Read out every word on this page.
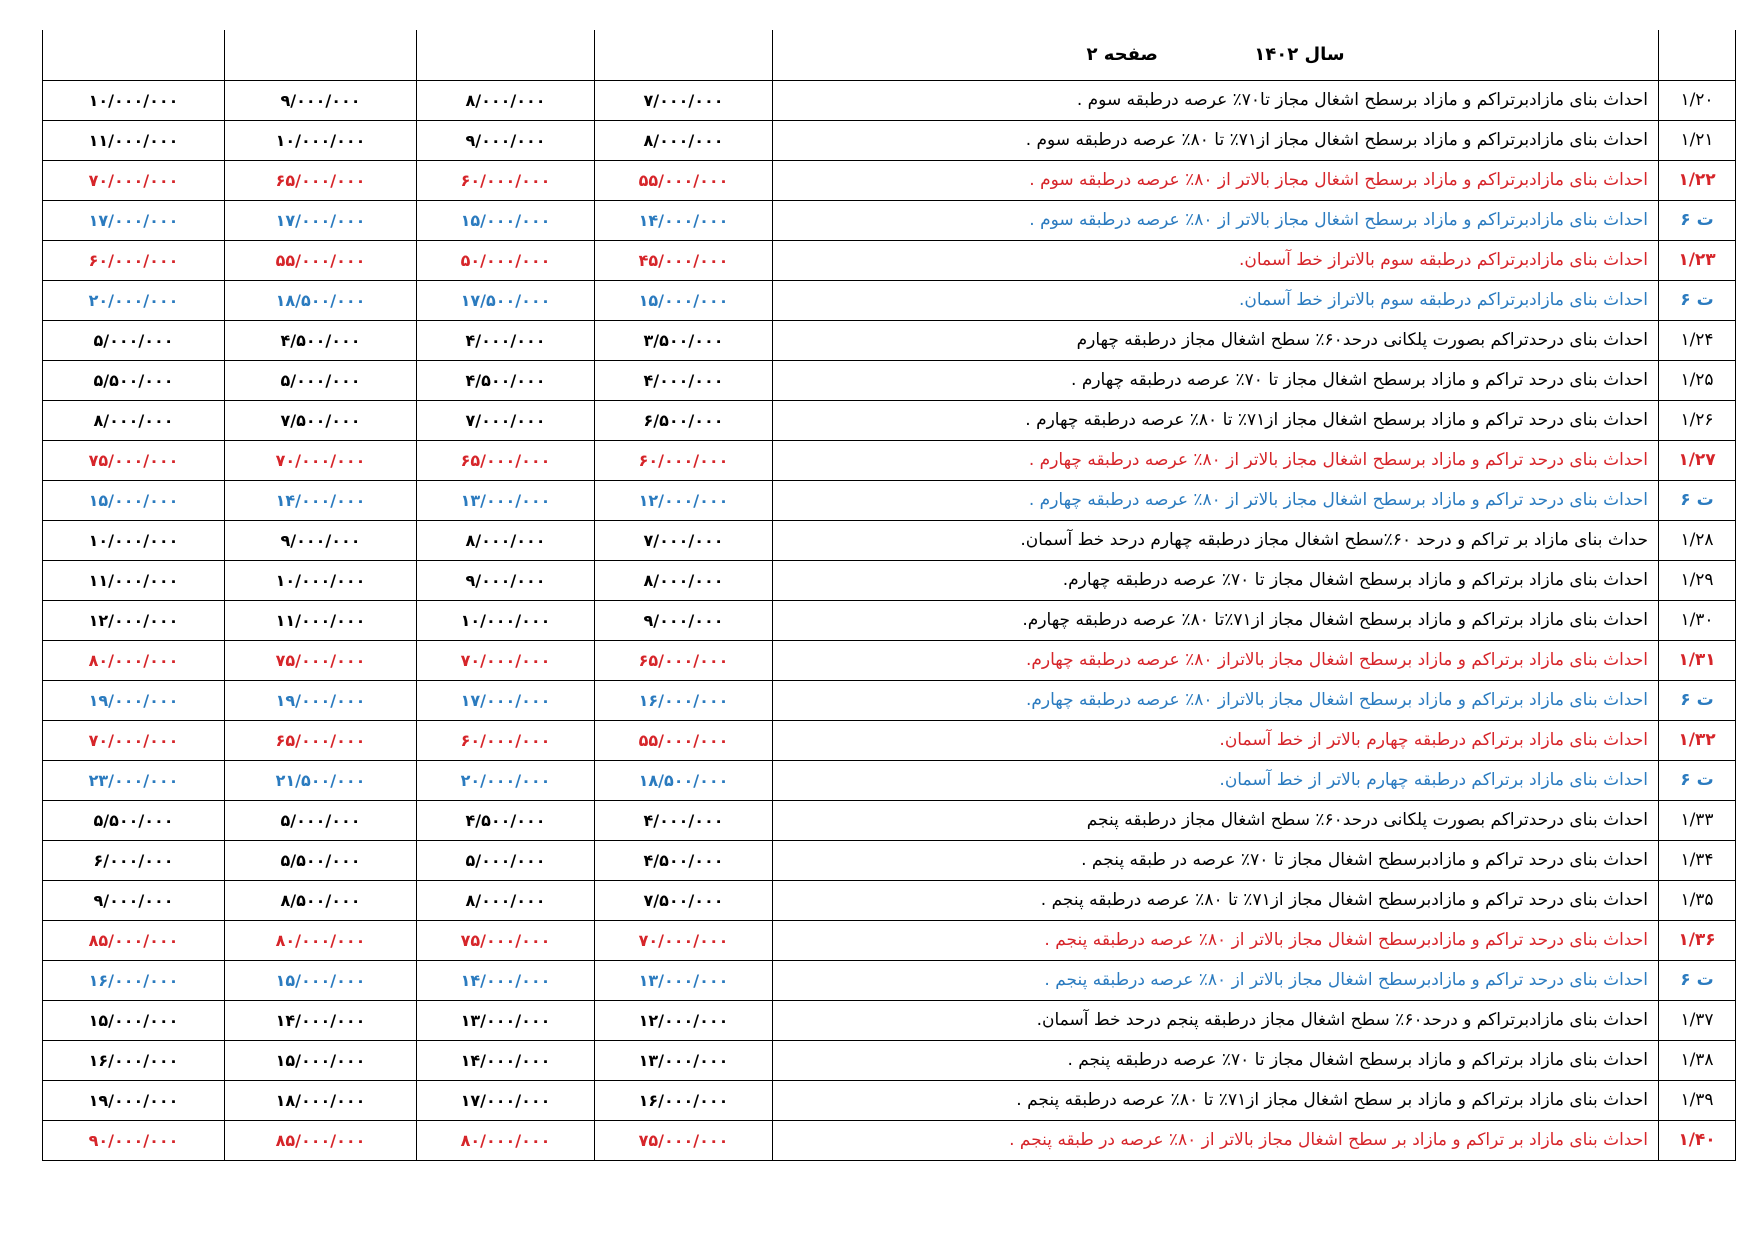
				سال ۱۴۰۲ صفحه ۲	
۱۰/۰۰۰/۰۰۰	۹/۰۰۰/۰۰۰	۸/۰۰۰/۰۰۰	۷/۰۰۰/۰۰۰	احداث بنای مازادبرتراکم و مازاد برسطح اشغال مجاز تا۷۰٪ عرصه درطبقه سوم .	۱/۲۰
۱۱/۰۰۰/۰۰۰	۱۰/۰۰۰/۰۰۰	۹/۰۰۰/۰۰۰	۸/۰۰۰/۰۰۰	احداث بنای مازادبرتراکم و مازاد برسطح اشغال مجاز از۷۱٪ تا ۸۰٪ عرصه درطبقه سوم .	۱/۲۱
۷۰/۰۰۰/۰۰۰	۶۵/۰۰۰/۰۰۰	۶۰/۰۰۰/۰۰۰	۵۵/۰۰۰/۰۰۰	احداث بنای مازادبرتراکم و مازاد برسطح اشغال مجاز بالاتر از ۸۰٪ عرصه درطبقه سوم .	۱/۲۲
۱۷/۰۰۰/۰۰۰	۱۷/۰۰۰/۰۰۰	۱۵/۰۰۰/۰۰۰	۱۴/۰۰۰/۰۰۰	احداث بنای مازادبرتراکم و مازاد برسطح اشغال مجاز بالاتر از ۸۰٪ عرصه درطبقه سوم .	ت ۶
۶۰/۰۰۰/۰۰۰	۵۵/۰۰۰/۰۰۰	۵۰/۰۰۰/۰۰۰	۴۵/۰۰۰/۰۰۰	احداث بنای مازادبرتراکم درطبقه سوم بالاتراز خط آسمان.	۱/۲۳
۲۰/۰۰۰/۰۰۰	۱۸/۵۰۰/۰۰۰	۱۷/۵۰۰/۰۰۰	۱۵/۰۰۰/۰۰۰	احداث بنای مازادبرتراکم درطبقه سوم بالاتراز خط آسمان.	ت ۶
۵/۰۰۰/۰۰۰	۴/۵۰۰/۰۰۰	۴/۰۰۰/۰۰۰	۳/۵۰۰/۰۰۰	احداث بنای درحدتراکم بصورت پلکانی درحد۶۰٪ سطح اشغال مجاز درطبقه چهارم	۱/۲۴
۵/۵۰۰/۰۰۰	۵/۰۰۰/۰۰۰	۴/۵۰۰/۰۰۰	۴/۰۰۰/۰۰۰	احداث بنای درحد تراکم و مازاد برسطح اشغال مجاز تا ۷۰٪ عرصه درطبقه چهارم .	۱/۲۵
۸/۰۰۰/۰۰۰	۷/۵۰۰/۰۰۰	۷/۰۰۰/۰۰۰	۶/۵۰۰/۰۰۰	احداث بنای درحد تراکم و مازاد برسطح اشغال مجاز از۷۱٪ تا ۸۰٪ عرصه درطبقه چهارم .	۱/۲۶
۷۵/۰۰۰/۰۰۰	۷۰/۰۰۰/۰۰۰	۶۵/۰۰۰/۰۰۰	۶۰/۰۰۰/۰۰۰	احداث بنای درحد تراکم و مازاد برسطح اشغال مجاز بالاتر از ۸۰٪ عرصه درطبقه چهارم .	۱/۲۷
۱۵/۰۰۰/۰۰۰	۱۴/۰۰۰/۰۰۰	۱۳/۰۰۰/۰۰۰	۱۲/۰۰۰/۰۰۰	احداث بنای درحد تراکم و مازاد برسطح اشغال مجاز بالاتر از ۸۰٪ عرصه درطبقه چهارم .	ت ۶
۱۰/۰۰۰/۰۰۰	۹/۰۰۰/۰۰۰	۸/۰۰۰/۰۰۰	۷/۰۰۰/۰۰۰	حداث بنای مازاد بر تراکم و درحد ۶۰٪سطح اشغال مجاز درطبقه چهارم درحد خط آسمان.	۱/۲۸
۱۱/۰۰۰/۰۰۰	۱۰/۰۰۰/۰۰۰	۹/۰۰۰/۰۰۰	۸/۰۰۰/۰۰۰	احداث بنای مازاد برتراکم و مازاد برسطح اشغال مجاز تا ۷۰٪ عرصه درطبقه چهارم.	۱/۲۹
۱۲/۰۰۰/۰۰۰	۱۱/۰۰۰/۰۰۰	۱۰/۰۰۰/۰۰۰	۹/۰۰۰/۰۰۰	احداث بنای مازاد برتراکم و مازاد برسطح اشغال مجاز از۷۱٪تا ۸۰٪ عرصه درطبقه چهارم.	۱/۳۰
۸۰/۰۰۰/۰۰۰	۷۵/۰۰۰/۰۰۰	۷۰/۰۰۰/۰۰۰	۶۵/۰۰۰/۰۰۰	احداث بنای مازاد برتراکم و مازاد برسطح اشغال مجاز بالاتراز ۸۰٪ عرصه درطبقه چهارم.	۱/۳۱
۱۹/۰۰۰/۰۰۰	۱۹/۰۰۰/۰۰۰	۱۷/۰۰۰/۰۰۰	۱۶/۰۰۰/۰۰۰	احداث بنای مازاد برتراکم و مازاد برسطح اشغال مجاز بالاتراز ۸۰٪ عرصه درطبقه چهارم.	ت ۶
۷۰/۰۰۰/۰۰۰	۶۵/۰۰۰/۰۰۰	۶۰/۰۰۰/۰۰۰	۵۵/۰۰۰/۰۰۰	احداث بنای مازاد برتراکم درطبقه چهارم بالاتر از خط آسمان.	۱/۳۲
۲۳/۰۰۰/۰۰۰	۲۱/۵۰۰/۰۰۰	۲۰/۰۰۰/۰۰۰	۱۸/۵۰۰/۰۰۰	احداث بنای مازاد برتراکم درطبقه چهارم بالاتر از خط آسمان.	ت ۶
۵/۵۰۰/۰۰۰	۵/۰۰۰/۰۰۰	۴/۵۰۰/۰۰۰	۴/۰۰۰/۰۰۰	احداث بنای درحدتراکم بصورت پلکانی درحد۶۰٪ سطح اشغال مجاز درطبقه پنجم	۱/۳۳
۶/۰۰۰/۰۰۰	۵/۵۰۰/۰۰۰	۵/۰۰۰/۰۰۰	۴/۵۰۰/۰۰۰	احداث بنای درحد تراکم و مازادبرسطح اشغال مجاز تا ۷۰٪ عرصه در طبقه پنجم .	۱/۳۴
۹/۰۰۰/۰۰۰	۸/۵۰۰/۰۰۰	۸/۰۰۰/۰۰۰	۷/۵۰۰/۰۰۰	احداث بنای درحد تراکم و مازادبرسطح اشغال مجاز از۷۱٪ تا ۸۰٪ عرصه درطبقه پنجم .	۱/۳۵
۸۵/۰۰۰/۰۰۰	۸۰/۰۰۰/۰۰۰	۷۵/۰۰۰/۰۰۰	۷۰/۰۰۰/۰۰۰	احداث بنای درحد تراکم و مازادبرسطح اشغال مجاز بالاتر از ۸۰٪ عرصه درطبقه پنجم .	۱/۳۶
۱۶/۰۰۰/۰۰۰	۱۵/۰۰۰/۰۰۰	۱۴/۰۰۰/۰۰۰	۱۳/۰۰۰/۰۰۰	احداث بنای درحد تراکم و مازادبرسطح اشغال مجاز بالاتر از ۸۰٪ عرصه درطبقه پنجم .	ت ۶
۱۵/۰۰۰/۰۰۰	۱۴/۰۰۰/۰۰۰	۱۳/۰۰۰/۰۰۰	۱۲/۰۰۰/۰۰۰	احداث بنای مازادبرتراکم و درحد۶۰٪ سطح اشغال مجاز درطبقه پنجم درحد خط آسمان.	۱/۳۷
۱۶/۰۰۰/۰۰۰	۱۵/۰۰۰/۰۰۰	۱۴/۰۰۰/۰۰۰	۱۳/۰۰۰/۰۰۰	احداث بنای مازاد برتراکم و مازاد برسطح اشغال مجاز تا ۷۰٪ عرصه درطبقه پنجم .	۱/۳۸
۱۹/۰۰۰/۰۰۰	۱۸/۰۰۰/۰۰۰	۱۷/۰۰۰/۰۰۰	۱۶/۰۰۰/۰۰۰	احداث بنای مازاد برتراکم و مازاد بر سطح اشغال مجاز از۷۱٪ تا ۸۰٪ عرصه درطبقه پنجم .	۱/۳۹
۹۰/۰۰۰/۰۰۰	۸۵/۰۰۰/۰۰۰	۸۰/۰۰۰/۰۰۰	۷۵/۰۰۰/۰۰۰	احداث بنای مازاد بر تراکم و مازاد بر سطح اشغال مجاز بالاتر از ۸۰٪ عرصه در طبقه پنجم .	۱/۴۰
